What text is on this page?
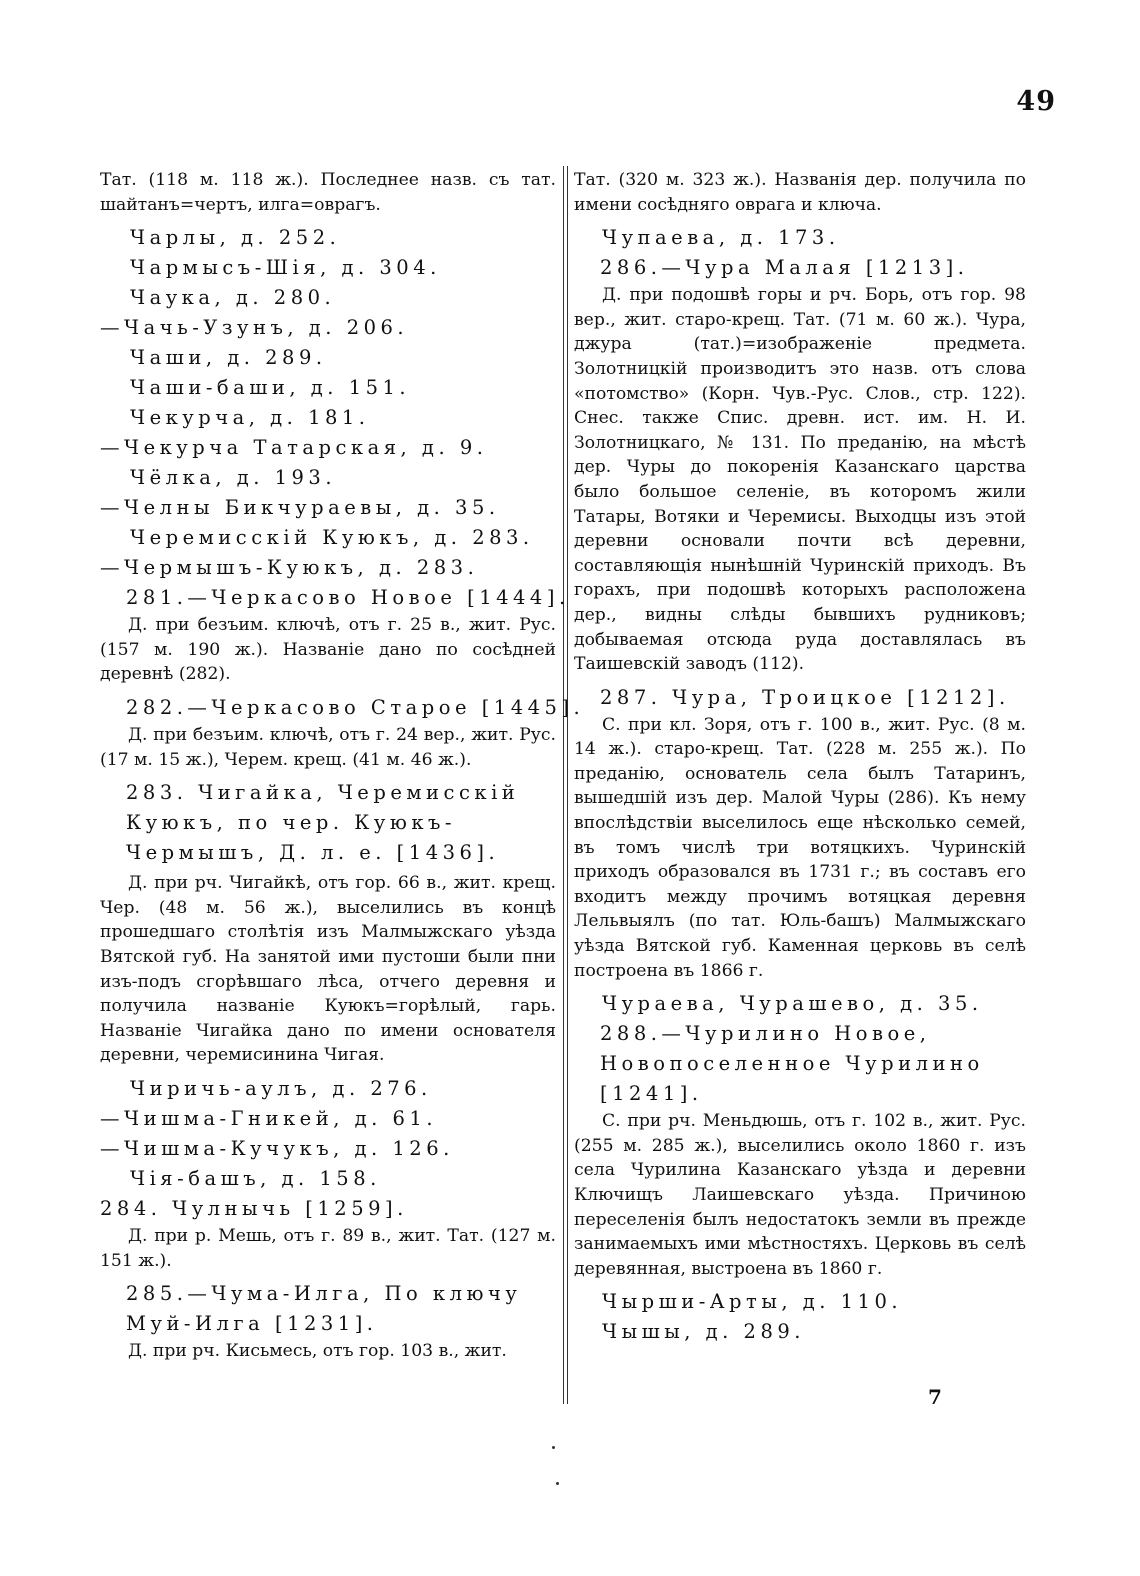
49

Тат. (118 м. 118 ж.). Последнее назв. съ тат. шайтанъ=чертъ, илга=оврагъ.

Чарлы, д. 252.

Чармысъ-Шія, д. 304.

Чаука, д. 280.

—Чачь-Узунъ, д. 206.

Чаши, д. 289.

Чаши-баши, д. 151.

Чекурча, д. 181.

—Чекурча Татарская, д. 9.

Чёлка, д. 193.

—Челны Бикчураевы, д. 35.

Черемисскій Куюкъ, д. 283.

—Чермышъ-Куюкъ, д. 283.

281.—Черкасово Новое [1444].

Д. при безъим. ключѣ, отъ г. 25 в., жит. Рус. (157 м. 190 ж.). Названіе дано по сосѣдней деревнѣ (282).

282.—Черкасово Старое [1445].

Д. при безъим. ключѣ, отъ г. 24 вер., жит. Рус. (17 м. 15 ж.), Черем. крещ. (41 м. 46 ж.).

283. Чигайка, Черемисскій Куюкъ, по чер. Куюкъ-Чермышъ, Д. л. е. [1436].

Д. при рч. Чигайкѣ, отъ гор. 66 в., жит. крещ. Чер. (48 м. 56 ж.), выселились въ концѣ прошедшаго столѣтія изъ Малмыжскаго уѣзда Вятской губ. На занятой ими пустоши были пни изъ-подъ сгорѣвшаго лѣса, отчего деревня и получила названіе Куюкъ=горѣлый, гарь. Названіе Чигайка дано по имени основателя деревни, черемисинина Чигая.

Чиричь-аулъ, д. 276.

—Чишма-Гникей, д. 61.

—Чишма-Кучукъ, д. 126.

Чія-башъ, д. 158.

284. Чулнычь [1259].

Д. при р. Мешь, отъ г. 89 в., жит. Тат. (127 м. 151 ж.).

285.—Чума-Илга, По ключу Муй-Илга [1231].

Д. при рч. Кисьмесь, отъ гор. 103 в., жит.

Тат. (320 м. 323 ж.). Названія дер. получила по имени сосѣдняго оврага и ключа.

Чупаева, д. 173.

286.—Чура Малая [1213].

Д. при подошвѣ горы и рч. Борь, отъ гор. 98 вер., жит. старо-крещ. Тат. (71 м. 60 ж.). Чура, джура (тат.)=изображеніе предмета. Золотницкій производитъ это назв. отъ слова «потомство» (Корн. Чув.-Рус. Слов., стр. 122). Снес. также Спис. древн. ист. им. Н. И. Золотницкаго, № 131. По преданію, на мѣстѣ дер. Чуры до покоренія Казанскаго царства было большое селеніе, въ которомъ жили Татары, Вотяки и Черемисы. Выходцы изъ этой деревни основали почти всѣ деревни, составляющія нынѣшній Чуринскій приходъ. Въ горахъ, при подошвѣ которыхъ расположена дер., видны слѣды бывшихъ рудниковъ; добываемая отсюда руда доставлялась въ Таишевскій заводъ (112).

287. Чура, Троицкое [1212].

С. при кл. Зоря, отъ г. 100 в., жит. Рус. (8 м. 14 ж.). старо-крещ. Тат. (228 м. 255 ж.). По преданію, основатель села былъ Татаринъ, вышедшій изъ дер. Малой Чуры (286). Къ нему впослѣдствіи выселилось еще нѣсколько семей, въ томъ числѣ три вотяцкихъ. Чуринскій приходъ образовался въ 1731 г.; въ составъ его входитъ между прочимъ вотяцкая деревня Лельвыялъ (по тат. Юль-башъ) Малмыжскаго уѣзда Вятской губ. Каменная церковь въ селѣ построена въ 1866 г.

Чураева, Чурашево, д. 35.

288.—Чурилино Новое, Новопоселенное Чурилино [1241].

С. при рч. Меньдюшь, отъ г. 102 в., жит. Рус. (255 м. 285 ж.), выселились около 1860 г. изъ села Чурилина Казанскаго уѣзда и деревни Ключищъ Лаишевскаго уѣзда. Причиною переселенія былъ недостатокъ земли въ прежде занимаемыхъ ими мѣстностяхъ. Церковь въ селѣ деревянная, выстроена въ 1860 г.

Чырши-Арты, д. 110.

Чышы, д. 289.

7
